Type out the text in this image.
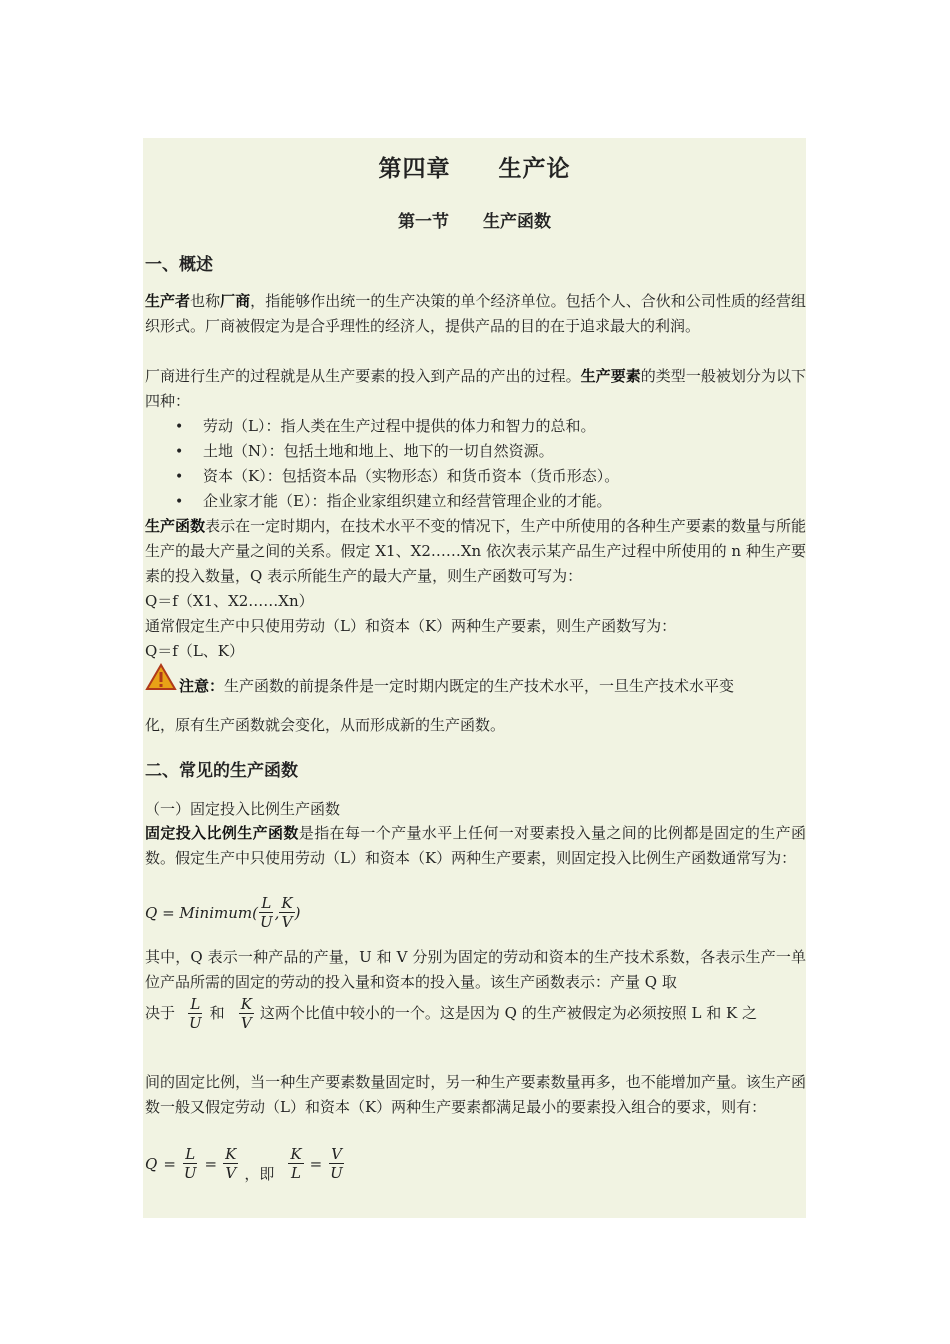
第四章　　生产论
第一节　　生产函数
一、概述
生产者也称厂商，指能够作出统一的生产决策的单个经济单位。包括个人、合伙和公司性质的经营组织形式。厂商被假定为是合乎理性的经济人，提供产品的目的在于追求最大的利润。
厂商进行生产的过程就是从生产要素的投入到产品的产出的过程。生产要素的类型一般被划分为以下四种：
• 劳动（L）：指人类在生产过程中提供的体力和智力的总和。
• 土地（N）：包括土地和地上、地下的一切自然资源。
• 资本（K）：包括资本品（实物形态）和货币资本（货币形态）。
• 企业家才能（E）：指企业家组织建立和经营管理企业的才能。
生产函数表示在一定时期内，在技术水平不变的情况下，生产中所使用的各种生产要素的数量与所能生产的最大产量之间的关系。假定 X1、X2……Xn 依次表示某产品生产过程中所使用的 n 种生产要素的投入数量，Q 表示所能生产的最大产量，则生产函数可写为：
Q＝f（X1、X2……Xn）
通常假定生产中只使用劳动（L）和资本（K）两种生产要素，则生产函数写为：
Q＝f（L、K）
注意：生产函数的前提条件是一定时期内既定的生产技术水平，一旦生产技术水平变
化，原有生产函数就会变化，从而形成新的生产函数。
二、常见的生产函数
（一）固定投入比例生产函数
固定投入比例生产函数是指在每一个产量水平上任何一对要素投入量之间的比例都是固定的生产函数。假定生产中只使用劳动（L）和资本（K）两种生产要素，则固定投入比例生产函数通常写为：
Q = Minimum ( $\frac{L}{U}$ , $\frac{K}{V}$ )
其中，Q 表示一种产品的产量，U 和 V 分别为固定的劳动和资本的生产技术系数，各表示生产一单位产品所需的固定的劳动的投入量和资本的投入量。该生产函数表示：产量 Q 取
决于 $\frac{L}{U}$ 和 $\frac{K}{V}$ 这两个比值中较小的一个。这是因为 Q 的生产被假定为必须按照 L 和 K 之
间的固定比例，当一种生产要素数量固定时，另一种生产要素数量再多，也不能增加产量。该生产函数一般又假定劳动（L）和资本（K）两种生产要素都满足最小的要素投入组合的要求，则有：
$Q = \frac{L}{U} = \frac{K}{V}$ ，即 $\frac{K}{L} = \frac{V}{U}$
